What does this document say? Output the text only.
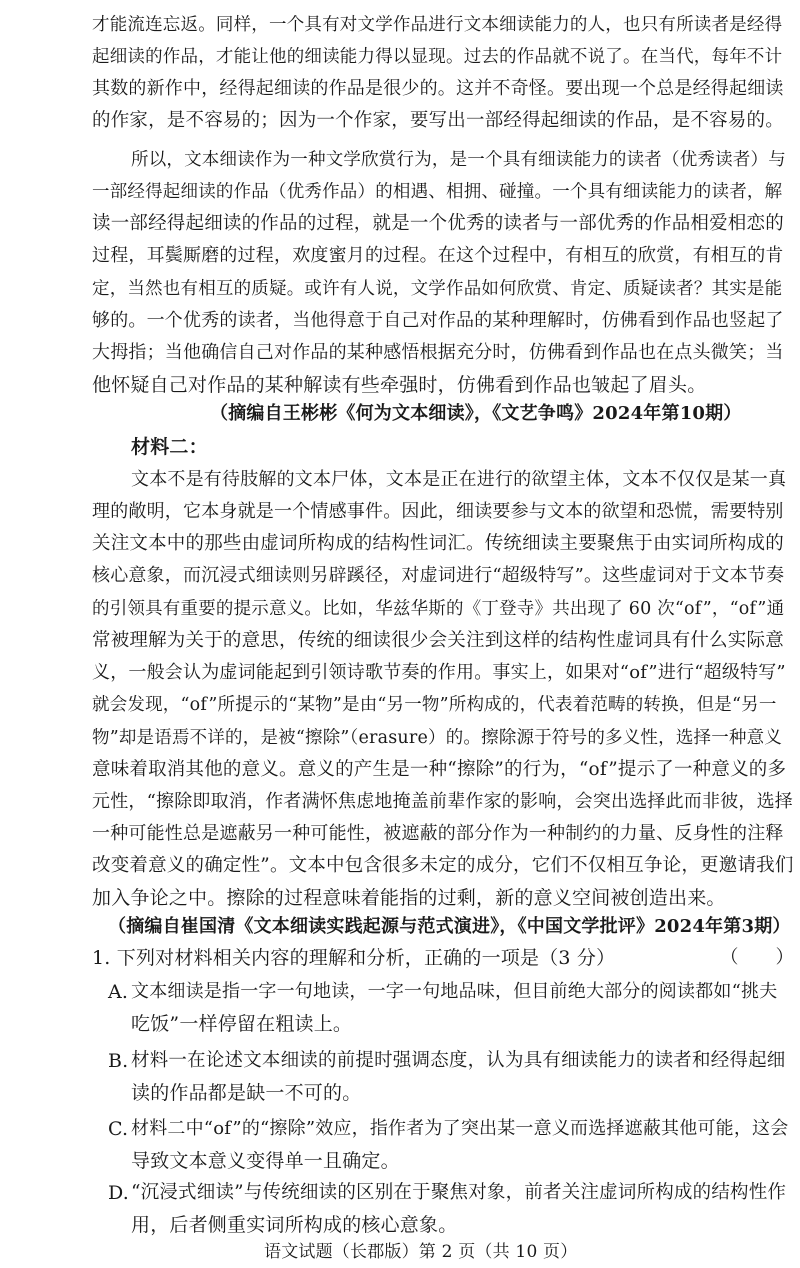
才能流连忘返。同样，一个具有对文学作品进行文本细读能力的人，也只有所读者是经得
起细读的作品，才能让他的细读能力得以显现。过去的作品就不说了。在当代，每年不计
其数的新作中，经得起细读的作品是很少的。这并不奇怪。要出现一个总是经得起细读
的作家，是不容易的；因为一个作家，要写出一部经得起细读的作品，是不容易的。
所以，文本细读作为一种文学欣赏行为，是一个具有细读能力的读者（优秀读者）与
一部经得起细读的作品（优秀作品）的相遇、相拥、碰撞。一个具有细读能力的读者，解
读一部经得起细读的作品的过程，就是一个优秀的读者与一部优秀的作品相爱相恋的
过程，耳鬓厮磨的过程，欢度蜜月的过程。在这个过程中，有相互的欣赏，有相互的肯
定，当然也有相互的质疑。或许有人说，文学作品如何欣赏、肯定、质疑读者？其实是能
够的。一个优秀的读者，当他得意于自己对作品的某种理解时，仿佛看到作品也竖起了
大拇指；当他确信自己对作品的某种感悟根据充分时，仿佛看到作品也在点头微笑；当
他怀疑自己对作品的某种解读有些牵强时，仿佛看到作品也皱起了眉头。
（摘编自王彬彬《何为文本细读》，《文艺争鸣》2024年第10期）
材料二：
文本不是有待肢解的文本尸体，文本是正在进行的欲望主体，文本不仅仅是某一真
理的敞明，它本身就是一个情感事件。因此，细读要参与文本的欲望和恐慌，需要特别
关注文本中的那些由虚词所构成的结构性词汇。传统细读主要聚焦于由实词所构成的
核心意象，而沉浸式细读则另辟蹊径，对虚词进行“超级特写”。这些虚词对于文本节奏
的引领具有重要的提示意义。比如，华兹华斯的《丁登寺》共出现了 60 次“of”，“of”通
常被理解为关于的意思，传统的细读很少会关注到这样的结构性虚词具有什么实际意
义，一般会认为虚词能起到引领诗歌节奏的作用。事实上，如果对“of”进行“超级特写”
就会发现，“of”所提示的“某物”是由“另一物”所构成的，代表着范畴的转换，但是“另一
物”却是语焉不详的，是被“擦除”（erasure）的。擦除源于符号的多义性，选择一种意义
意味着取消其他的意义。意义的产生是一种“擦除”的行为，“of”提示了一种意义的多
元性，“擦除即取消，作者满怀焦虑地掩盖前辈作家的影响，会突出选择此而非彼，选择
一种可能性总是遮蔽另一种可能性，被遮蔽的部分作为一种制约的力量、反身性的注释
改变着意义的确定性”。文本中包含很多未定的成分，它们不仅相互争论，更邀请我们
加入争论之中。擦除的过程意味着能指的过剩，新的意义空间被创造出来。
（摘编自崔国清《文本细读实践起源与范式演进》，《中国文学批评》2024年第3期）
1. 下列对材料相关内容的理解和分析，正确的一项是（3 分）	（　　）
A. 文本细读是指一字一句地读，一字一句地品味，但目前绝大部分的阅读都如“挑夫
吃饭”一样停留在粗读上。
B. 材料一在论述文本细读的前提时强调态度，认为具有细读能力的读者和经得起细
读的作品都是缺一不可的。
C. 材料二中“of”的“擦除”效应，指作者为了突出某一意义而选择遮蔽其他可能，这会
导致文本意义变得单一且确定。
D. “沉浸式细读”与传统细读的区别在于聚焦对象，前者关注虚词所构成的结构性作
用，后者侧重实词所构成的核心意象。
语文试题（长郡版）第 2 页（共 10 页）
